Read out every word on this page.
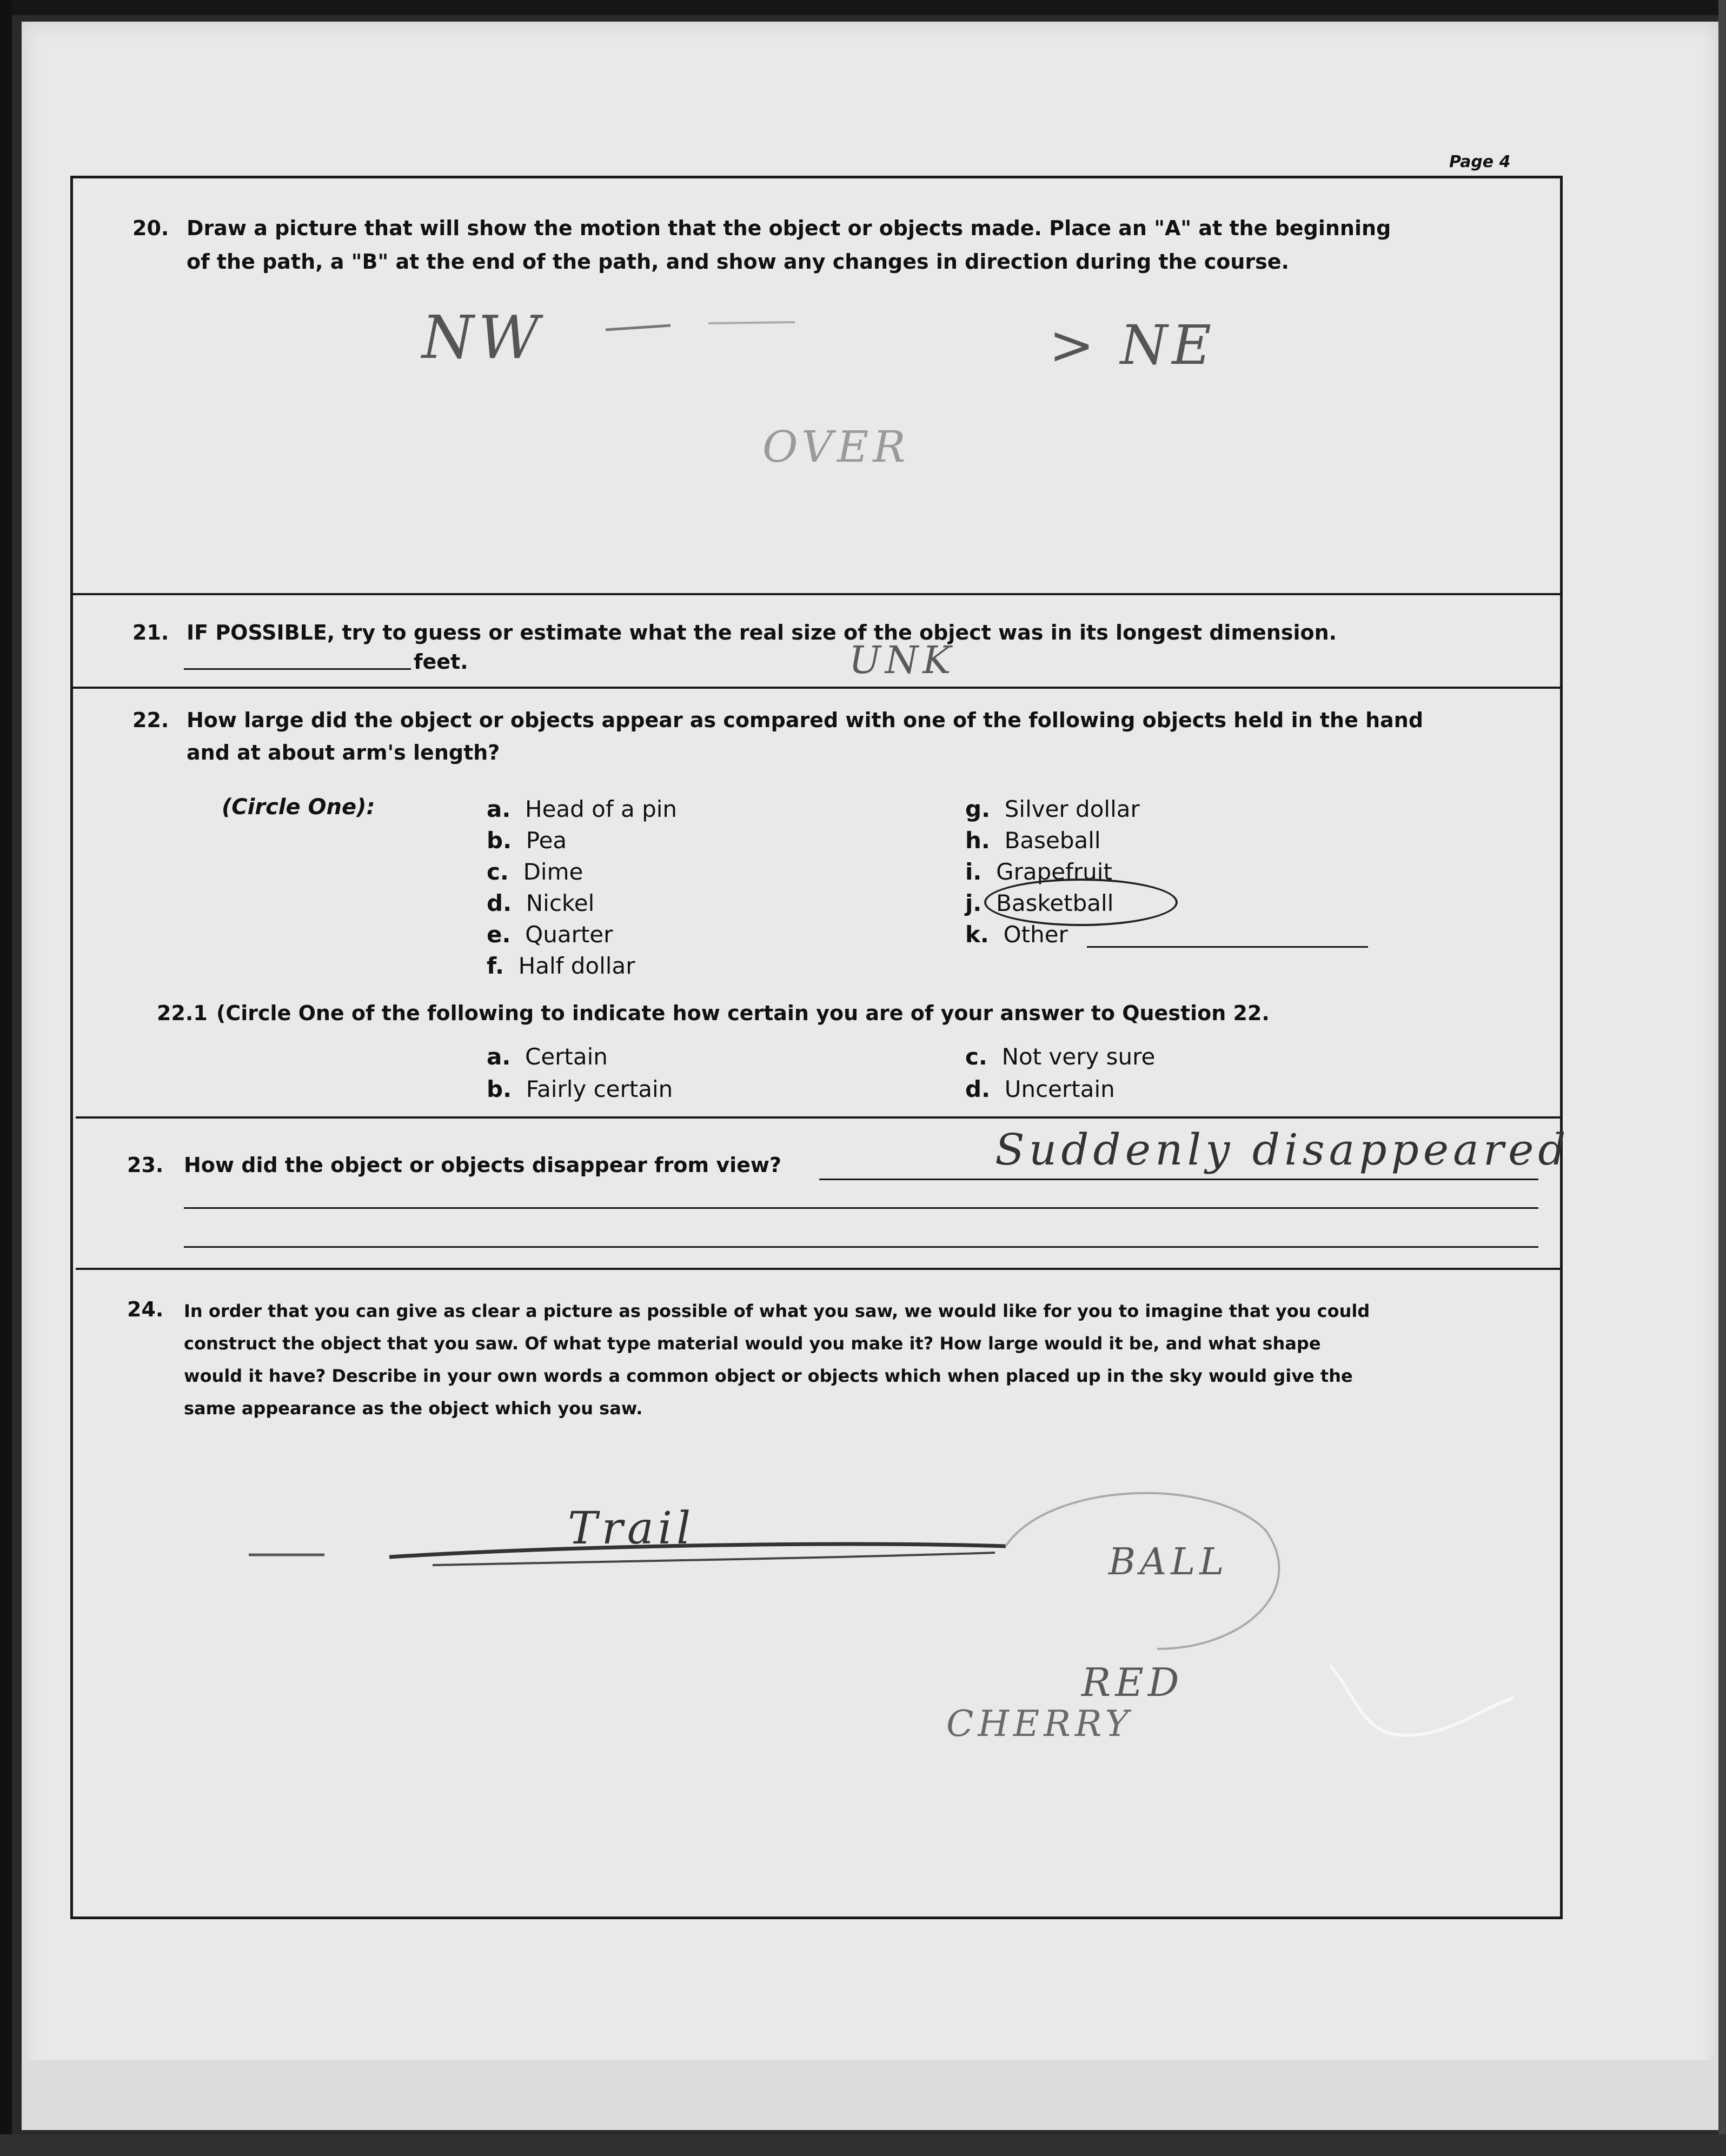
Page 4
20. Draw a picture that will show the motion that the object or objects made. Place an "A" at the beginning
of the path, a "B" at the end of the path, and show any changes in direction during the course.
NW	> NE
OVER
21. IF POSSIBLE, try to guess or estimate what the real size of the object was in its longest dimension.
feet.	UNK
22. How large did the object or objects appear as compared with one of the following objects held in the hand
and at about arm's length?
(Circle One):	a. Head of a pin
b. Pea
c. Dime
d. Nickel
e. Quarter
f. Half dollar
g. Silver dollar
h. Baseball
i. Grapefruit
j. Basketball
k. Other
22.1 (Circle One of the following to indicate how certain you are of your answer to Question 22.
a. Certain
b. Fairly certain
c. Not very sure
d. Uncertain
23. How did the object or objects disappear from view?	Suddenly disappeared
24. In order that you can give as clear a picture as possible of what you saw, we would like for you to imagine that you could
construct the object that you saw. Of what type material would you make it? How large would it be, and what shape
would it have? Describe in your own words a common object or objects which when placed up in the sky would give the
same appearance as the object which you saw.
Trail
BALL
RED
CHERRY
